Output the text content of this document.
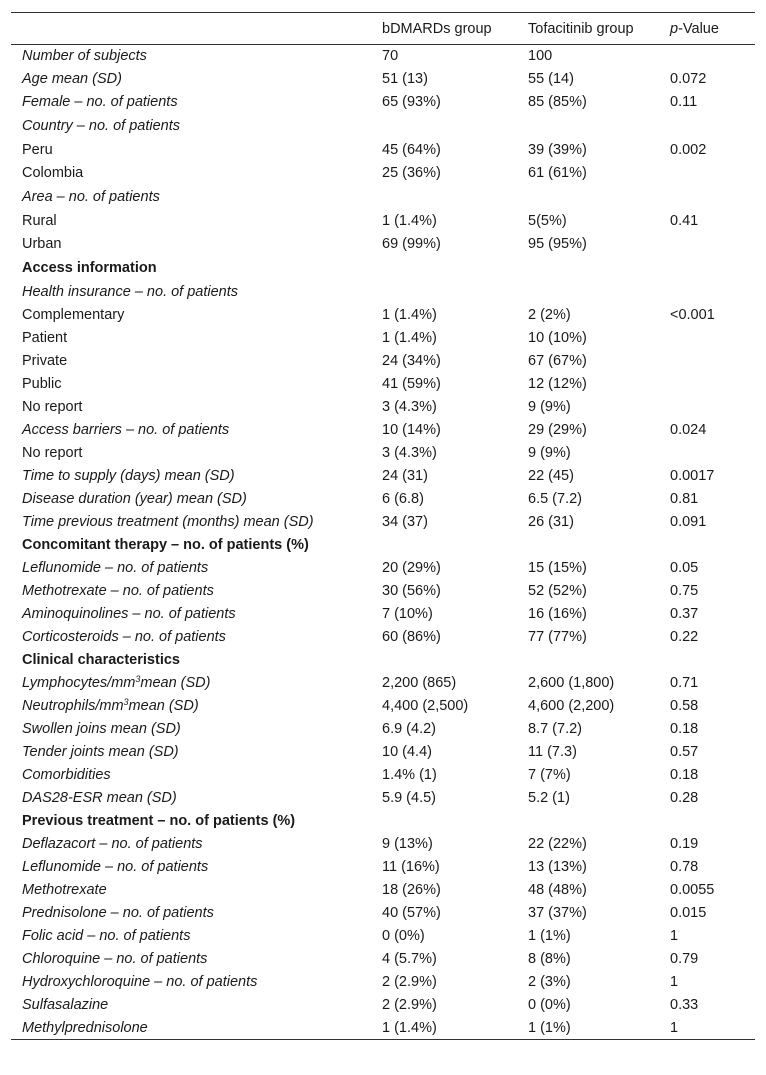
	bDMARDs group	Tofacitinib group	p-Value
Number of subjects	70	100	
Age mean (SD)	51 (13)	55 (14)	0.072
Female – no. of patients	65 (93%)	85 (85%)	0.11
Country – no. of patients			
Peru	45 (64%)	39 (39%)	0.002
Colombia	25 (36%)	61 (61%)	
Area – no. of patients			
Rural	1 (1.4%)	5(5%)	0.41
Urban	69 (99%)	95 (95%)	
Access information			
Health insurance – no. of patients			
Complementary	1 (1.4%)	2 (2%)	<0.001
Patient	1 (1.4%)	10 (10%)	
Private	24 (34%)	67 (67%)	
Public	41 (59%)	12 (12%)	
No report	3 (4.3%)	9 (9%)	
Access barriers – no. of patients	10 (14%)	29 (29%)	0.024
No report	3 (4.3%)	9 (9%)	
Time to supply (days) mean (SD)	24 (31)	22 (45)	0.0017
Disease duration (year) mean (SD)	6 (6.8)	6.5 (7.2)	0.81
Time previous treatment (months) mean (SD)	34 (37)	26 (31)	0.091
Concomitant therapy – no. of patients (%)			
Leflunomide – no. of patients	20 (29%)	15 (15%)	0.05
Methotrexate – no. of patients	30 (56%)	52 (52%)	0.75
Aminoquinolines – no. of patients	7 (10%)	16 (16%)	0.37
Corticosteroids – no. of patients	60 (86%)	77 (77%)	0.22
Clinical characteristics			
Lymphocytes/$mm^3mean$ (SD)	2,200 (865)	2,600 (1,800)	0.71
Neutrophils/$mm^3mean$ (SD)	4,400 (2,500)	4,600 (2,200)	0.58
Swollen joins mean (SD)	6.9 (4.2)	8.7 (7.2)	0.18
Tender joints mean (SD)	10 (4.4)	11 (7.3)	0.57
Comorbidities	1.4% (1)	7 (7%)	0.18
DAS28-ESR mean (SD)	5.9 (4.5)	5.2 (1)	0.28
Previous treatment – no. of patients (%)			
Deflazacort – no. of patients	9 (13%)	22 (22%)	0.19
Leflunomide – no. of patients	11 (16%)	13 (13%)	0.78
Methotrexate	18 (26%)	48 (48%)	0.0055
Prednisolone – no. of patients	40 (57%)	37 (37%)	0.015
Folic acid – no. of patients	0 (0%)	1 (1%)	1
Chloroquine – no. of patients	4 (5.7%)	8 (8%)	0.79
Hydroxychloroquine – no. of patients	2 (2.9%)	2 (3%)	1
Sulfasalazine	2 (2.9%)	0 (0%)	0.33
Methylprednisolone	1 (1.4%)	1 (1%)	1
